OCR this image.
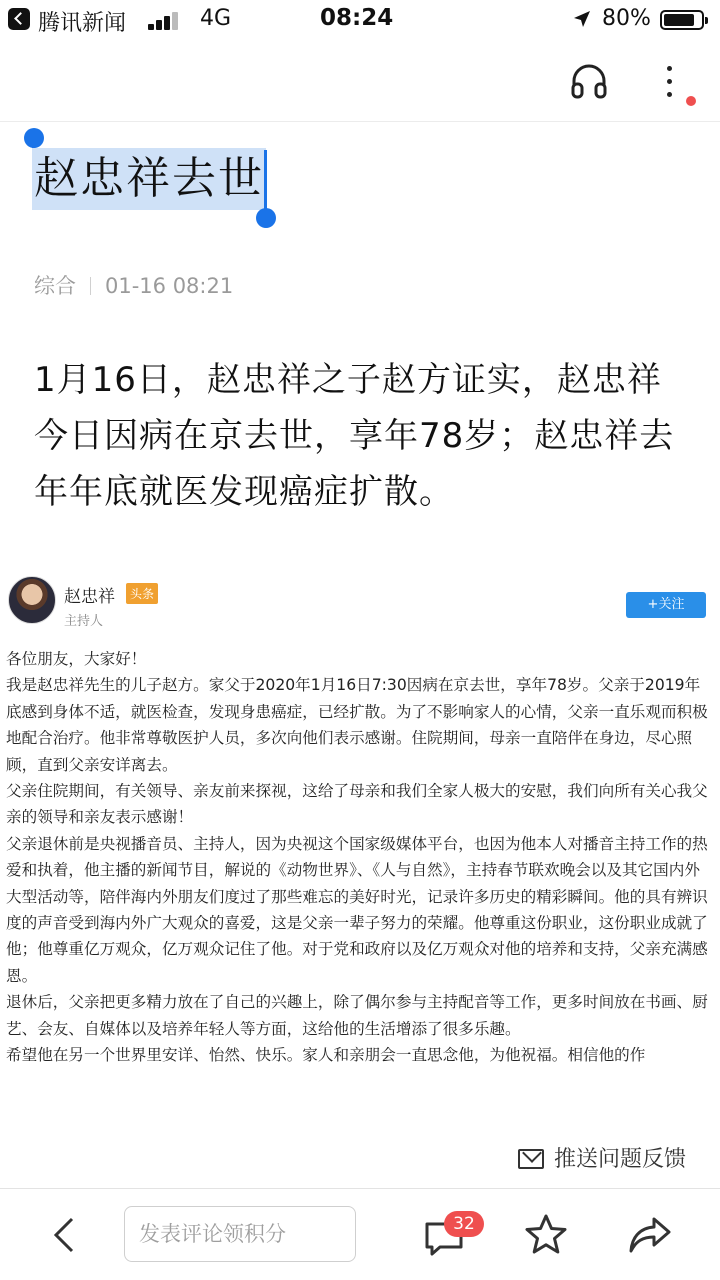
腾讯新闻	4G	08:24	80%
赵忠祥去世
综合 01-16 08:21
1月16日，赵忠祥之子赵方证实，赵忠祥今日因病在京去世，享年78岁；赵忠祥去年年底就医发现癌症扩散。
赵忠祥	头条
主持人
+关注

各位朋友，大家好！

我是赵忠祥先生的儿子赵方。家父于2020年1月16日7:30因病在京去世，享年78岁。父亲于2019年底感到身体不适，就医检查，发现身患癌症，已经扩散。为了不影响家人的心情，父亲一直乐观而积极地配合治疗。他非常尊敬医护人员，多次向他们表示感谢。住院期间，母亲一直陪伴在身边，尽心照顾，直到父亲安详离去。

父亲住院期间，有关领导、亲友前来探视，这给了母亲和我们全家人极大的安慰，我们向所有关心我父亲的领导和亲友表示感谢！

父亲退休前是央视播音员、主持人，因为央视这个国家级媒体平台，也因为他本人对播音主持工作的热爱和执着，他主播的新闻节目，解说的《动物世界》、《人与自然》，主持春节联欢晚会以及其它国内外大型活动等，陪伴海内外朋友们度过了那些难忘的美好时光，记录许多历史的精彩瞬间。他的具有辨识度的声音受到海内外广大观众的喜爱，这是父亲一辈子努力的荣耀。他尊重这份职业，这份职业成就了他；他尊重亿万观众，亿万观众记住了他。对于党和政府以及亿万观众对他的培养和支持，父亲充满感恩。

退休后，父亲把更多精力放在了自己的兴趣上，除了偶尔参与主持配音等工作，更多时间放在书画、厨艺、会友、自媒体以及培养年轻人等方面，这给他的生活增添了很多乐趣。

希望他在另一个世界里安详、怡然、快乐。家人和亲朋会一直思念他，为他祝福。相信他的作

推送问题反馈
发表评论领积分	32
